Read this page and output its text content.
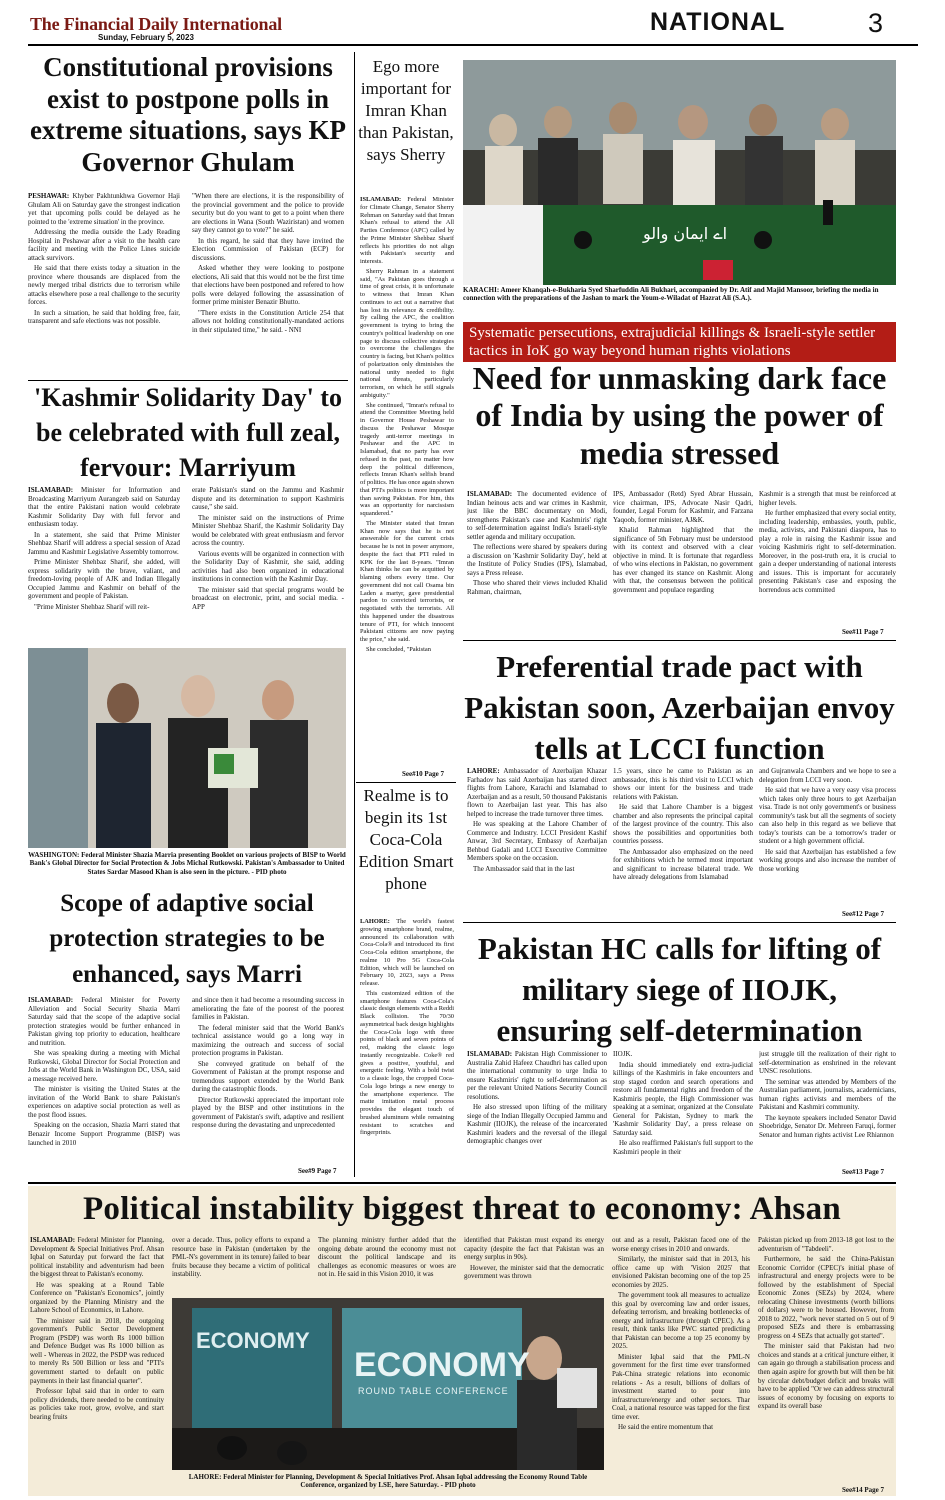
The Financial Daily International
Sunday, February 5, 2023
NATIONAL	3
Constitutional provisions exist to postpone polls in extreme situations, says KP Governor Ghulam

PESHAWAR: Khyber Pakhtunkhwa Governor Haji Ghulam Ali on Saturday gave the strongest indication yet that upcoming polls could be delayed as he pointed to the 'extreme situation' in the province.

Addressing the media outside the Lady Reading Hospital in Peshawar after a visit to the health care facility and meeting with the Police Lines suicide attack survivors.

He said that there exists today a situation in the province where thousands are displaced from the newly merged tribal districts due to terrorism while attacks elsewhere pose a real challenge to the security forces.

In such a situation, he said that holding free, fair, transparent and safe elections was not possible.

"When there are elections, it is the responsibility of the provincial government and the police to provide security but do you want to get to a point when there are elections in Wana (South Waziristan) and women say they cannot go to vote?" he said.

In this regard, he said that they have invited the Election Commission of Pakistan (ECP) for discussions.

Asked whether they were looking to postpone elections, Ali said that this would not be the first time that elections have been postponed and refered to how polls were delayed following the assassination of former prime minister Benazir Bhutto.

"There exists in the Constitution Article 254 that allows not holding constitutionally-mandated actions in their stipulated time," he said. - NNI

Ego more important for Imran Khan than Pakistan, says Sherry

ISLAMABAD: Federal Minister for Climate Change, Senator Sherry Rehman on Saturday said that Imran Khan's refusal to attend the All Parties Conference (APC) called by the Prime Minister Shehbaz Sharif reflects his priorities do not align with Pakistan's security and interests.

Sherry Rahman in a statement said, "As Pakistan goes through a time of great crisis, it is unfortunate to witness that Imran Khan continues to act out a narrative that has lost its relevance & credibility. By calling the APC, the coalition government is trying to bring the country's political leadership on one page to discuss collective strategies to overcome the challenges the country is facing, but Khan's politics of polarization only diminishes the national unity needed to fight national threats, particularly terrorism, on which he still signals ambiguity."

She continued, "Imran's refusal to attend the Committee Meeting held in Governor House Peshawar to discuss the Peshawar Mosque tragedy anti-terror meetings in Peshawar and the APC in Islamabad, that no party has ever refused in the past, no matter how deep the political differences, reflects Imran Khan's selfish brand of politics. He has once again shown that PTI's politics is more important than saving Pakistan. For him, this was an opportunity for narcissism squandered."

The Minister stated that Imran Khan now says that he is not answerable for the current crisis because he is not in power anymore, despite the fact that PTI ruled in KPK for the last 8-years. "Imran Khan thinks he can be acquitted by blaming others every time. Our government did not call Osama bin Laden a martyr, gave presidential pardon to convicted terrorists, or negotiated with the terrorists. All this happened under the disastrous tenure of PTI, for which innocent Pakistani citizens are now paying the price," she said.

She concluded, "Pakistan

See#10 Page 7
اے ایمان والو
KARACHI: Ameer Khanqah-e-Bukharia Syed Sharfuddin Ali Bukhari, accompanied by Dr. Atif and Majid Mansoor, briefing the media in connection with the preparations of the Jashan to mark the Youm-e-Wiladat of Hazrat Ali (S.A.).
Systematic persecutions, extrajudicial killings & Israeli-style settler tactics in IoK go way beyond human rights violations
Need for unmasking dark face of India by using the power of media stressed

ISLAMABAD: The documented evidence of Indian heinous acts and war crimes in Kashmir, just like the BBC documentary on Modi, strengthens Pakistan's case and Kashmiris' right to self-determination against India's Israeli-style settler agenda and military occupation.

The reflections were shared by speakers during a discussion on 'Kashmir Solidarity Day', held at the Institute of Policy Studies (IPS), Islamabad, says a Press release.

Those who shared their views included Khalid Rahman, chairman,

IPS, Ambassador (Retd) Syed Abrar Hussain, vice chairman, IPS, Advocate Nasir Qadri, founder, Legal Forum for Kashmir, and Farzana Yaqoob, former minister, AJ&K.

Khalid Rahman highlighted that the significance of 5th February must be understood with its context and observed with a clear objective in mind. It is fortunate that regardless of who wins elections in Pakistan, no government has ever changed its stance on Kashmir. Along with that, the consensus between the political government and populace regarding

Kashmir is a strength that must be reinforced at higher levels.

He further emphasized that every social entity, including leadership, embassies, youth, public, media, activists, and Pakistani diaspora, has to play a role in raising the Kashmir issue and voicing Kashmiris right to self-determination. Moreover, in the post-truth era, it is crucial to gain a deeper understanding of national interests and issues. This is important for accurately presenting Pakistan's case and exposing the horrendous acts committed

See#11 Page 7
'Kashmir Solidarity Day' to be celebrated with full zeal, fervour: Marriyum

ISLAMABAD: Minister for Information and Broadcasting Marriyum Aurangzeb said on Saturday that the entire Pakistani nation would celebrate Kashmir Solidarity Day with full fervor and enthusiasm today.

In a statement, she said that Prime Minister Shehbaz Sharif will address a special session of Azad Jammu and Kashmir Legislative Assembly tomorrow.

Prime Minister Shehbaz Sharif, she added, will express solidarity with the brave, valiant, and freedom-loving people of AJK and Indian Illegally Occupied Jammu and Kashmir on behalf of the government and people of Pakistan.

"Prime Minister Shehbaz Sharif will reit-

erate Pakistan's stand on the Jammu and Kashmir dispute and its determination to support Kashmiris cause," she said.

The minister said on the instructions of Prime Minister Shehbaz Sharif, the Kashmir Solidarity Day would be celebrated with great enthusiasm and fervor across the country.

Various events will be organized in connection with the Solidarity Day of Kashmir, she said, adding activities had also been organized in educational institutions in connection with the Kashmir Day.

The minister said that special programs would be broadcast on electronic, print, and social media. - APP

WASHINGTON: Federal Minister Shazia Marria presenting Booklet on various projects of BISP to World Bank's Global Director for Social Protection & Jobs Michal Rutkowski. Pakistan's Ambassador to United States Sardar Masood Khan is also seen in the picture. - PID photo
Realme is to begin its 1st Coca-Cola Edition Smart phone

LAHORE: The world's fastest growing smartphone brand, realme, announced its collaboration with Coca-Cola® and introduced its first Coca-Cola edition smartphone, the realme 10 Pro 5G Coca-Cola Edition, which will be launched on February 10, 2023, says a Press release.

This customized edition of the smartphone features Coca-Cola's classic design elements with a Reddi Black collision. The 70/30 asymmetrical back design highlights the Coca-Cola logo with three points of black and seven points of red, making the classic logo instantly recognizable. Coke® red gives a positive, youthful, and energetic feeling. With a bold twist to a classic logo, the cropped Coca-Cola logo brings a new energy to the smartphone experience. The matte imitation metal process provides the elegant touch of brushed aluminum while remaining resistant to scratches and fingerprints.

Preferential trade pact with Pakistan soon, Azerbaijan envoy tells at LCCI function

LAHORE: Ambassador of Azerbaijan Khazar Farhadov has said Azerbaijan has started direct flights from Lahore, Karachi and Islamabad to Azerbaijan and as a result, 50 thousand Pakistanis flown to Azerbaijan last year. This has also helped to increase the trade turnover three times.

He was speaking at the Lahore Chamber of Commerce and Industry. LCCI President Kashif Anwar, 3rd Secretary, Embassy of Azerbaijan Behbud Gadali and LCCI Executive Committee Members spoke on the occasion.

The Ambassador said that in the last

1.5 years, since he came to Pakistan as an ambassador, this is his third visit to LCCI which shows our intent for the business and trade relations with Pakistan.

He said that Lahore Chamber is a biggest chamber and also represents the principal capital of the largest province of the country. This also shows the possibilities and opportunities both countries possess.

The Ambassador also emphasized on the need for exhibitions which he termed most important and significant to increase bilateral trade. We have already delegations from Islamabad

and Gujranwala Chambers and we hope to see a delegation from LCCI very soon.

He said that we have a very easy visa process which takes only three hours to get Azerbaijan visa. Trade is not only government's or business community's task but all the segments of society can also help in this regard as we believe that today's tourists can be a tomorrow's trader or student or a high government official.

He said that Azerbaijan has established a few working groups and also increase the number of those working

See#12 Page 7
Scope of adaptive social protection strategies to be enhanced, says Marri

ISLAMABAD: Federal Minister for Poverty Alleviation and Social Security Shazia Marri Saturday said that the scope of the adaptive social protection strategies would be further enhanced in Pakistan giving top priority to education, healthcare and nutrition.

She was speaking during a meeting with Michal Rutkowski, Global Director for Social Protection and Jobs at the World Bank in Washington DC, USA, said a message received here.

The minister is visiting the United States at the invitation of the World Bank to share Pakistan's experiences on adaptive social protection as well as the post flood issues.

Speaking on the occasion, Shazia Marri stated that Benazir Income Support Programme (BISP) was launched in 2010

and since then it had become a resounding success in ameliorating the fate of the poorest of the poorest families in Pakistan.

The federal minister said that the World Bank's technical assistance would go a long way in maximizing the outreach and success of social protection programs in Pakistan.

She conveyed gratitude on behalf of the Government of Pakistan at the prompt response and tremendous support extended by the World Bank during the catastrophic floods.

Director Rutkowski appreciated the important role played by the BISP and other institutions in the government of Pakistan's swift, adaptive and resilient response during the devastating and unprecedented

See#9 Page 7
Pakistan HC calls for lifting of military siege of IIOJK, ensuring self-determination

ISLAMABAD: Pakistan High Commissioner to Australia Zahid Hafeez Chaudhri has called upon the international community to urge India to ensure Kashmiris' right to self-determination as per the relevant United Nations Security Council resolutions.

He also stressed upon lifting of the military siege of the Indian Illegally Occupied Jammu and Kashmir (IIOJK), the release of the incarcerated Kashmiri leaders and the reversal of the illegal demographic changes over

IIOJK.

India should immediately end extra-judicial killings of the Kashmiris in fake encounters and stop staged cordon and search operations and restore all fundamental rights and freedom of the Kashmiris people, the High Commissioner was speaking at a seminar, organized at the Consulate General for Pakistan, Sydney to mark the 'Kashmir Solidarity Day', a press release on Saturday said.

He also reaffirmed Pakistan's full support to the Kashmiri people in their

just struggle till the realization of their right to self-determination as enshrined in the relevant UNSC resolutions.

The seminar was attended by Members of the Australian parliament, journalists, academicians, human rights activists and members of the Pakistani and Kashmiri community.

The keynote speakers included Senator David Shoebridge, Senator Dr. Mehreen Faruqi, former Senator and human rights activist Lee Rhiannon

See#13 Page 7
Political instability biggest threat to economy: Ahsan

ISLAMABAD: Federal Minister for Planning, Development & Special Initiatives Prof. Ahsan Iqbal on Saturday put forward the fact that political instability and adventurism had been the biggest threat to Pakistan's economy.

He was speaking at a Round Table Conference on "Pakistan's Economics", jointly organized by the Planning Ministry and the Lahore School of Economics, in Lahore.

The minister said in 2018, the outgoing government's Public Sector Development Program (PSDP) was worth Rs 1000 billion and Defence Budget was Rs 1000 billion as well - Whereas in 2022, the PSDP was reduced to merely Rs 500 Billion or less and "PTI's government started to default on public payments in their last financial quarter".

Professor Iqbal said that in order to earn policy dividends, there needed to be continuity as policies take root, grow, evolve, and start bearing fruits

over a decade. Thus, policy efforts to expand a resource base in Pakistan (undertaken by the PML-N's government in its tenure) failed to bear fruits because they became a victim of political instability.

The planning ministry further added that the ongoing debate around the economy must not discount the political landscape and its challenges as economic measures or woes are not in. He said in this Vision 2010, it was

identified that Pakistan must expand its energy capacity (despite the fact that Pakistan was an energy surplus in 90s).

However, the minister said that the democratic government was thrown

out and as a result, Pakistan faced one of the worse energy crises in 2010 and onwards.

Similarly, the minister said that in 2013, his office came up with 'Vision 2025' that envisioned Pakistan becoming one of the top 25 economies by 2025.

The government took all measures to actualize this goal by overcoming law and order issues, defeating terrorism, and breaking bottlenecks of energy and infrastructure (through CPEC). As a result, think tanks like PWC started predicting that Pakistan can become a top 25 economy by 2025.

Minister Iqbal said that the PML-N government for the first time ever transformed Pak-China strategic relations into economic relations - As a result, billions of dollars of investment started to pour into infrastructure/energy and other sectors. Thar Coal, a national resource was tapped for the first time ever.

He said the entire momentum that

Pakistan picked up from 2013-18 got lost to the adventurism of "Tabdeeli".

Furthermore, he said the China-Pakistan Economic Corridor (CPEC)'s initial phase of infrastructural and energy projects were to be followed by the establishment of Special Economic Zones (SEZs) by 2024, where relocating Chinese investments (worth billions of dollars) were to be housed. However, from 2018 to 2022, "work never started on 5 out of 9 proposed SEZs and there is embarrassing progress on 4 SEZs that actually got started".

The minister said that Pakistan had two choices and stands at a critical juncture either, it can again go through a stabilisation process and then again aspire for growth but will then be hit by circular debt/budget deficit and breaks will have to be applied "Or we can address structural issues of economy by focusing on exports to expand its overall base

See#14 Page 7
ECONOMY
ECONOMY
ROUND TABLE CONFERENCE
LAHORE: Federal Minister for Planning, Development & Special Initiatives Prof. Ahsan Iqbal addressing the Economy Round Table Conference, organized by LSE, here Saturday. - PID photo
